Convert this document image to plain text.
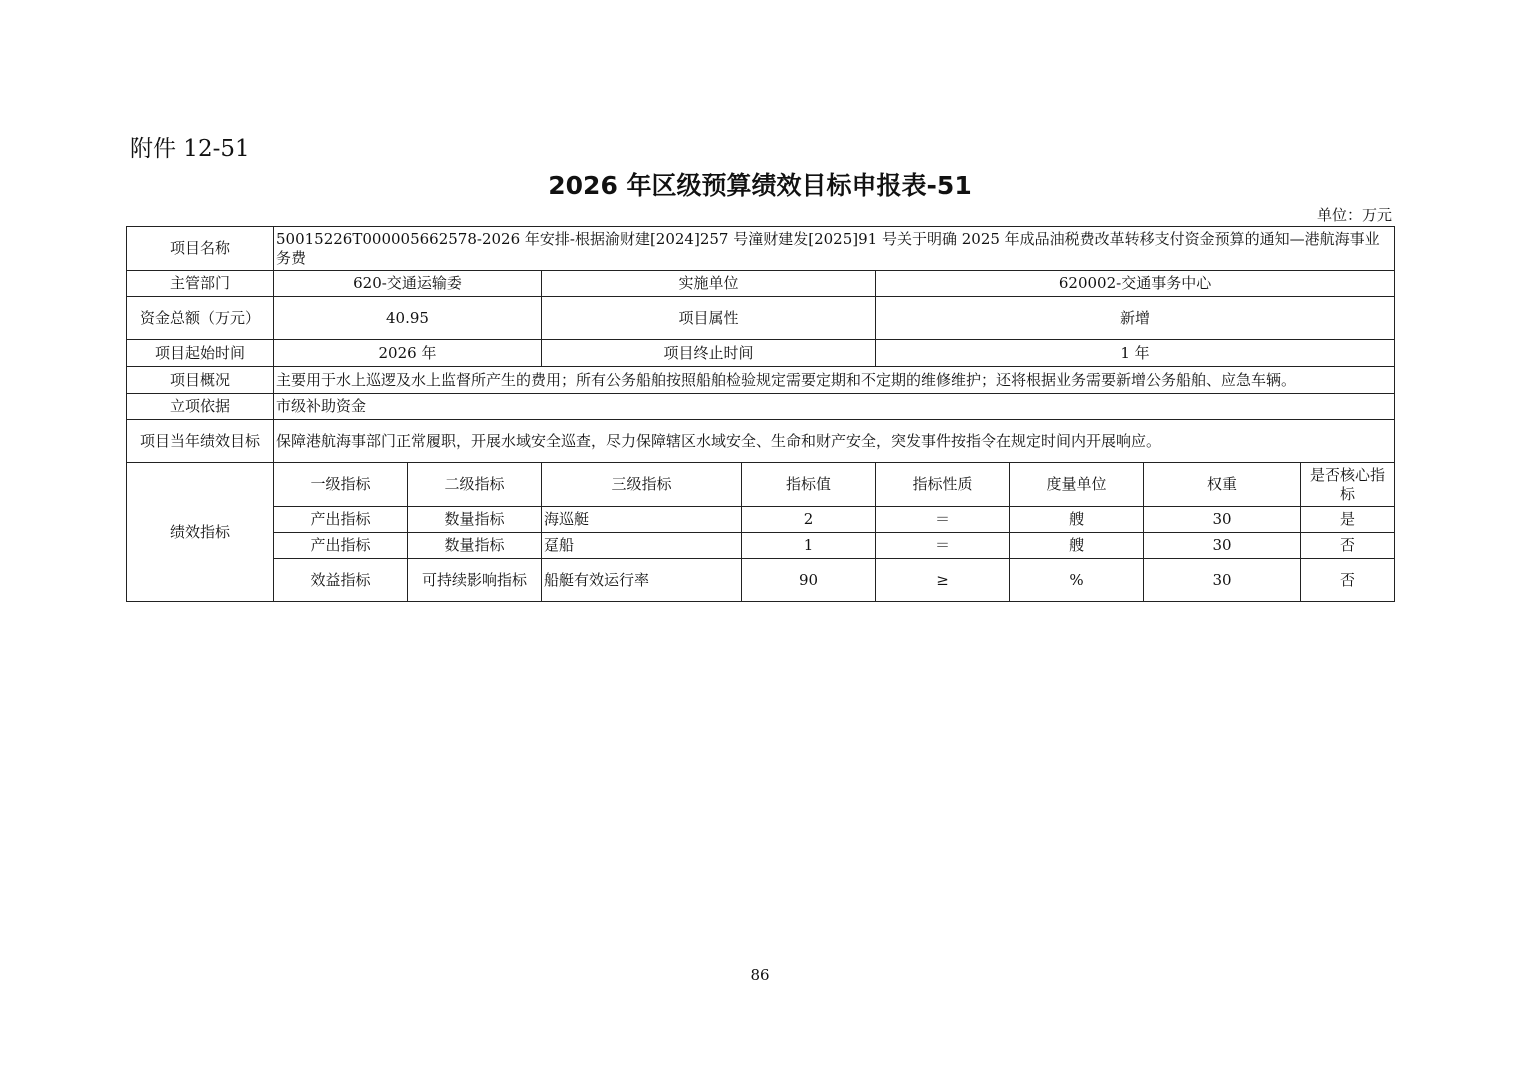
附件 12-51
2026 年区级预算绩效目标申报表-51
单位：万元
项目名称	50015226T000005662578-2026 年安排-根据渝财建[2024]257 号潼财建发[2025]91 号关于明确 2025 年成品油税费改革转移支付资金预算的通知—港航海事业务费							
主管部门	620-交通运输委		实施单位		620002-交通事务中心			
资金总额（万元）	40.95		项目属性		新增			
项目起始时间	2026 年		项目终止时间		1 年			
项目概况	主要用于水上巡逻及水上监督所产生的费用；所有公务船舶按照船舶检验规定需要定期和不定期的维修维护；还将根据业务需要新增公务船舶、应急车辆。							
立项依据	市级补助资金							
项目当年绩效目标	保障港航海事部门正常履职，开展水域安全巡查，尽力保障辖区水域安全、生命和财产安全，突发事件按指令在规定时间内开展响应。							
绩效指标	一级指标	二级指标	三级指标	指标值	指标性质	度量单位	权重	是否核心指标
	产出指标	数量指标	海巡艇	2	＝	艘	30	是
	产出指标	数量指标	趸船	1	＝	艘	30	否
	效益指标	可持续影响指标	船艇有效运行率	90	≥	%	30	否
86
